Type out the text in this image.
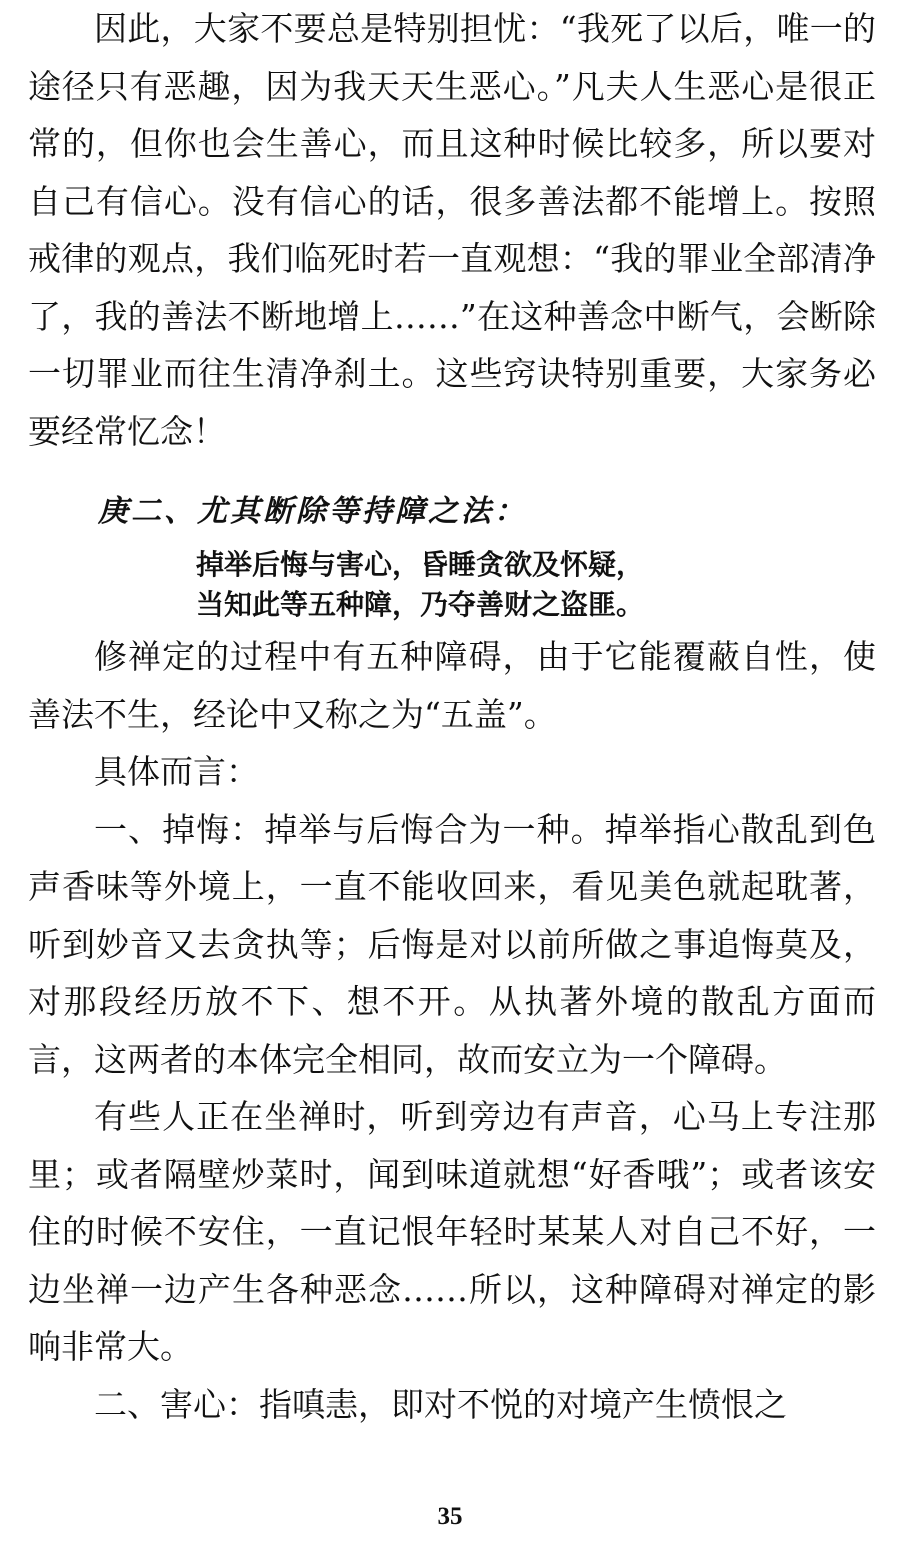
因此，大家不要总是特别担忧：“我死了以后，唯一的途径只有恶趣，因为我天天生恶心。”凡夫人生恶心是很正常的，但你也会生善心，而且这种时候比较多，所以要对自己有信心。没有信心的话，很多善法都不能增上。按照戒律的观点，我们临死时若一直观想：“我的罪业全部清净了，我的善法不断地增上……”在这种善念中断气，会断除一切罪业而往生清净刹土。这些窍诀特别重要，大家务必要经常忆念！

庚二、尤其断除等持障之法：
掉举后悔与害心，昏睡贪欲及怀疑，
当知此等五种障，乃夺善财之盗匪。

修禅定的过程中有五种障碍，由于它能覆蔽自性，使善法不生，经论中又称之为“五盖”。

具体而言：

一、掉悔：掉举与后悔合为一种。掉举指心散乱到色声香味等外境上，一直不能收回来，看见美色就起耽著，听到妙音又去贪执等；后悔是对以前所做之事追悔莫及，对那段经历放不下、想不开。从执著外境的散乱方面而言，这两者的本体完全相同，故而安立为一个障碍。

有些人正在坐禅时，听到旁边有声音，心马上专注那里；或者隔壁炒菜时，闻到味道就想“好香哦”；或者该安住的时候不安住，一直记恨年轻时某某人对自己不好，一边坐禅一边产生各种恶念……所以，这种障碍对禅定的影响非常大。

二、害心：指嗔恚，即对不悦的对境产生愤恨之

35
